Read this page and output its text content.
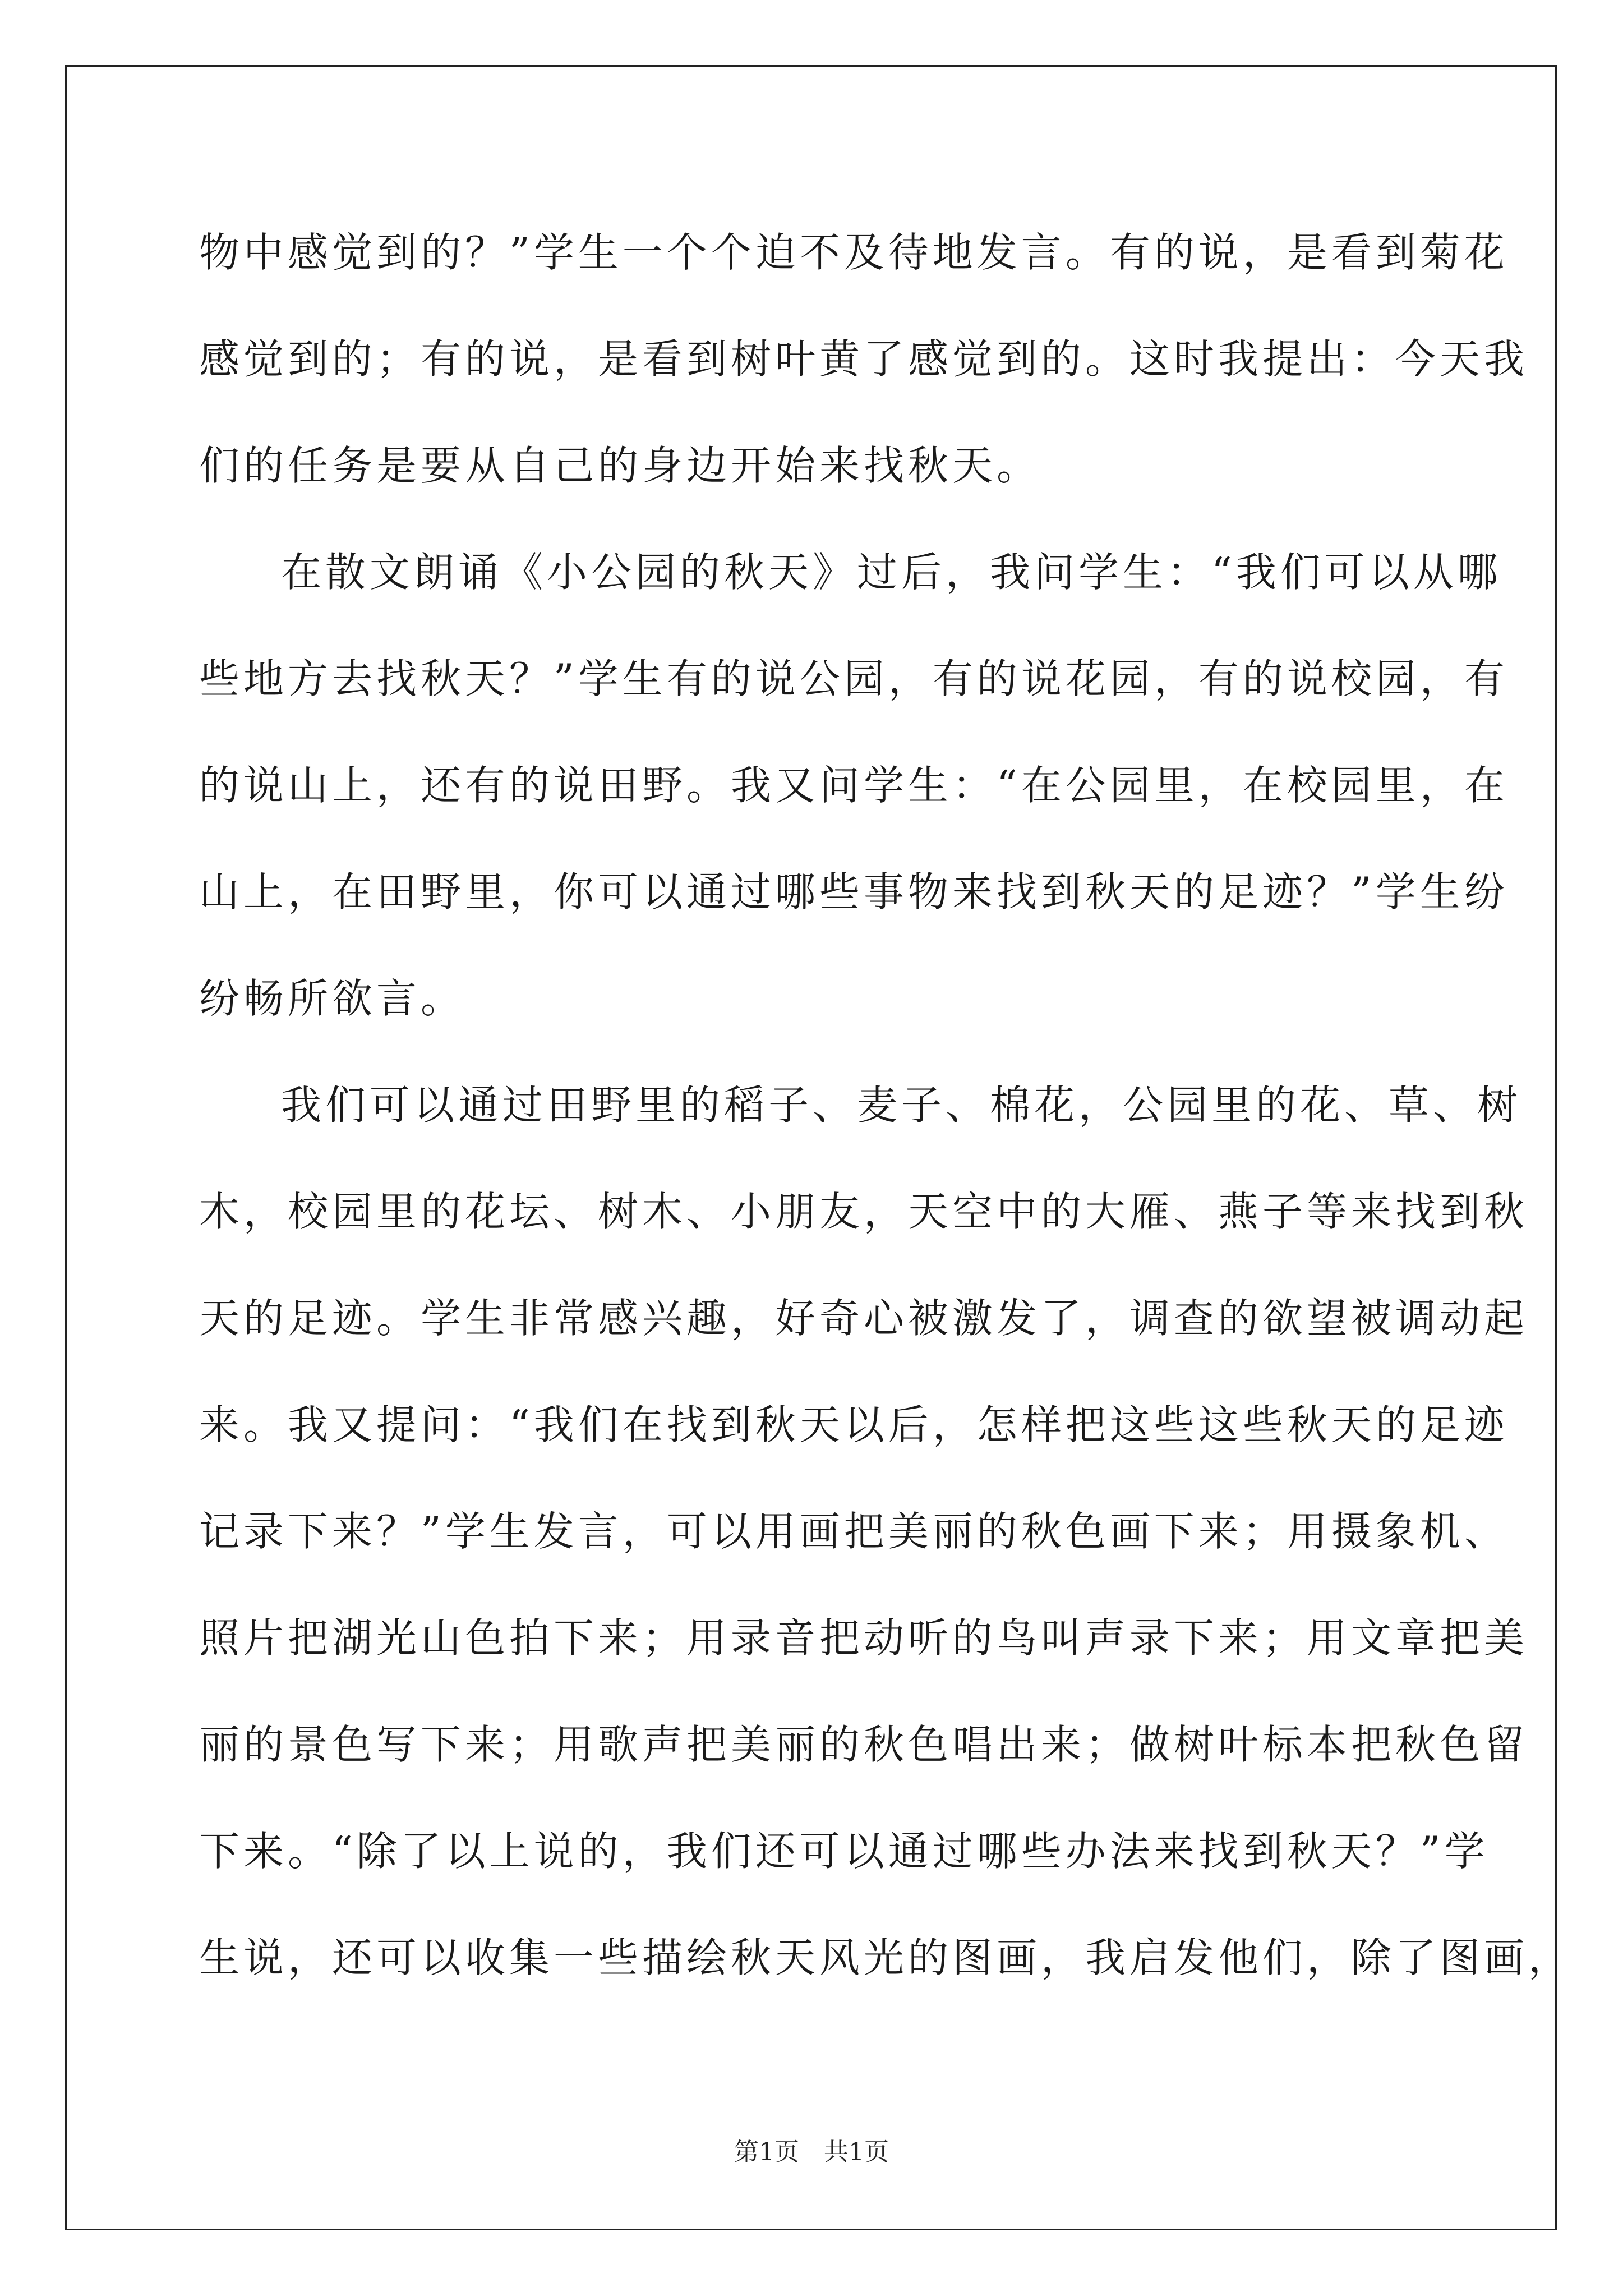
物中感觉到的？”学生一个个迫不及待地发言。有的说，是看到菊花
感觉到的；有的说，是看到树叶黄了感觉到的。这时我提出：今天我
们的任务是要从自己的身边开始来找秋天。
在散文朗诵《小公园的秋天》过后，我问学生：“我们可以从哪
些地方去找秋天？”学生有的说公园，有的说花园，有的说校园，有
的说山上，还有的说田野。我又问学生：“在公园里，在校园里，在
山上，在田野里，你可以通过哪些事物来找到秋天的足迹？”学生纷
纷畅所欲言。
我们可以通过田野里的稻子、麦子、棉花，公园里的花、草、树
木，校园里的花坛、树木、小朋友，天空中的大雁、燕子等来找到秋
天的足迹。学生非常感兴趣，好奇心被激发了，调查的欲望被调动起
来。我又提问：“我们在找到秋天以后，怎样把这些这些秋天的足迹
记录下来？”学生发言，可以用画把美丽的秋色画下来；用摄象机、
照片把湖光山色拍下来；用录音把动听的鸟叫声录下来；用文章把美
丽的景色写下来；用歌声把美丽的秋色唱出来；做树叶标本把秋色留
下来。“除了以上说的，我们还可以通过哪些办法来找到秋天？”学
生说，还可以收集一些描绘秋天风光的图画，我启发他们，除了图画，
第1页　共1页
